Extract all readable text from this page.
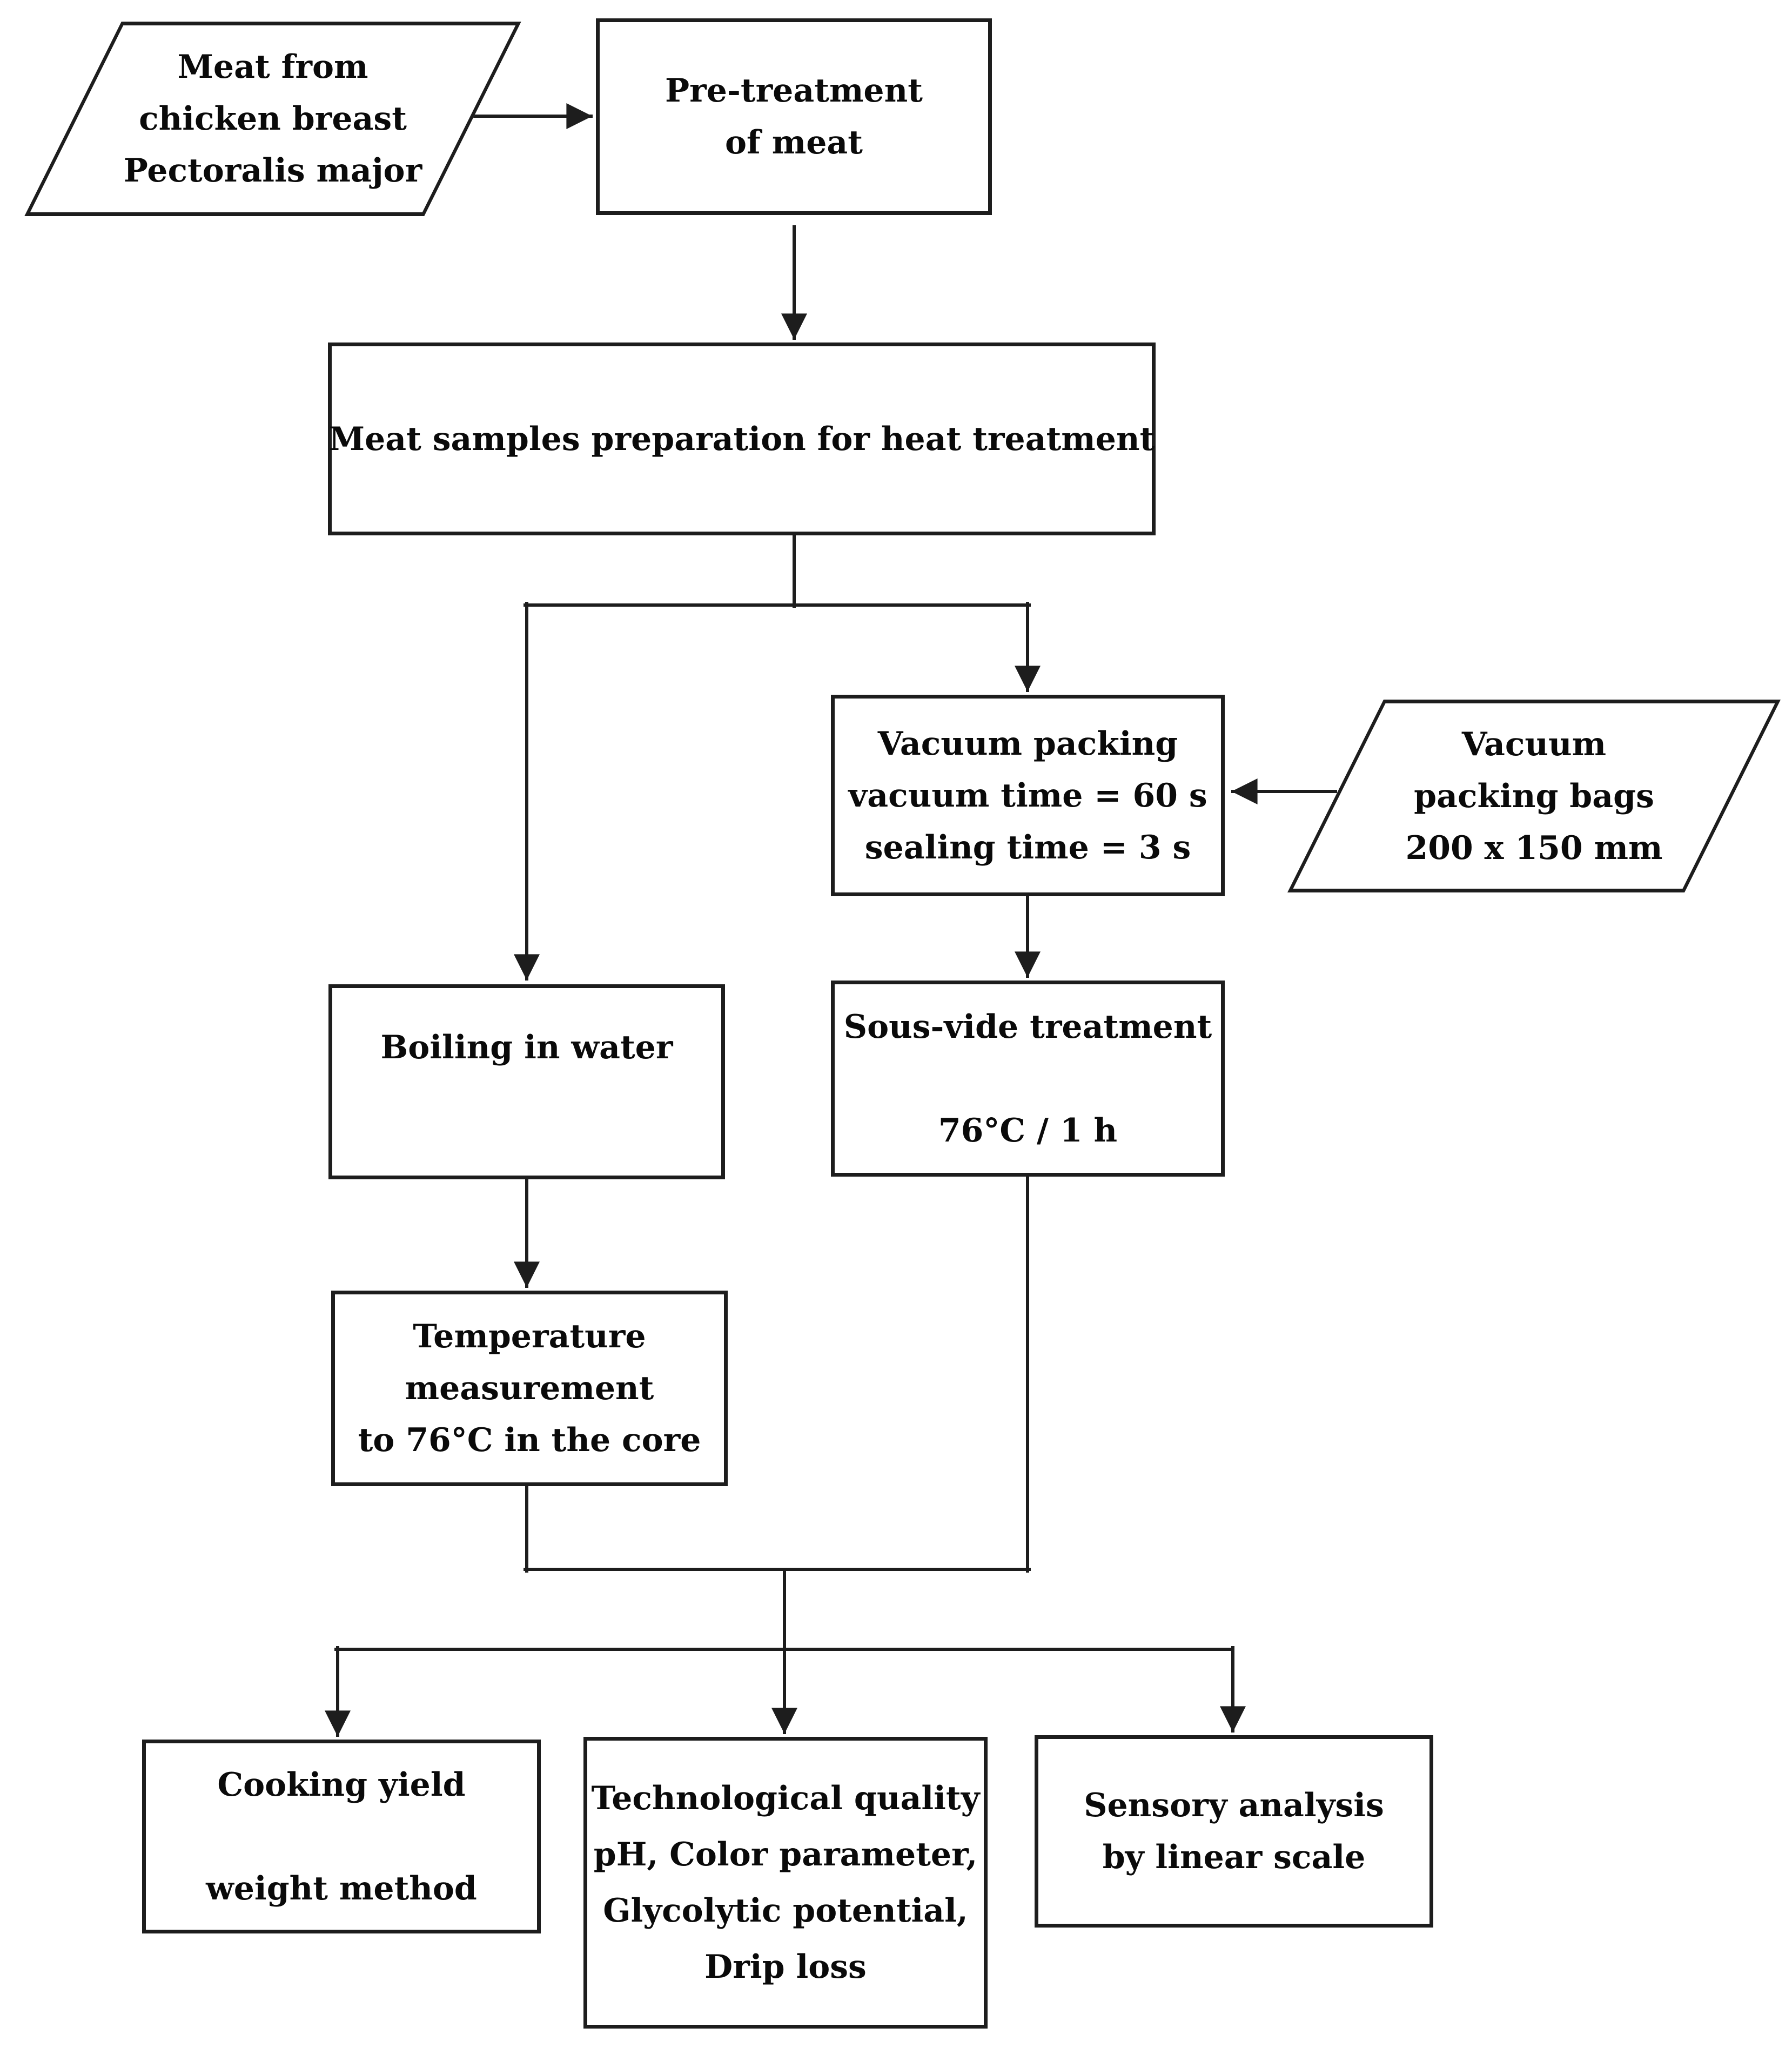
Meat from
chicken breast
Pectoralis major
Pre-treatment
of meat
Meat samples preparation for heat treatment
Vacuum packing
vacuum time = 60 s
sealing time = 3 s
Vacuum
packing bags
200 x 150 mm
Boiling in water
Sous-vide treatment
76°C / 1 h
Temperature
measurement
to 76°C in the core
Cooking yield
weight method
Technological quality
pH, Color parameter,
Glycolytic potential,
Drip loss
Sensory analysis
by linear scale
